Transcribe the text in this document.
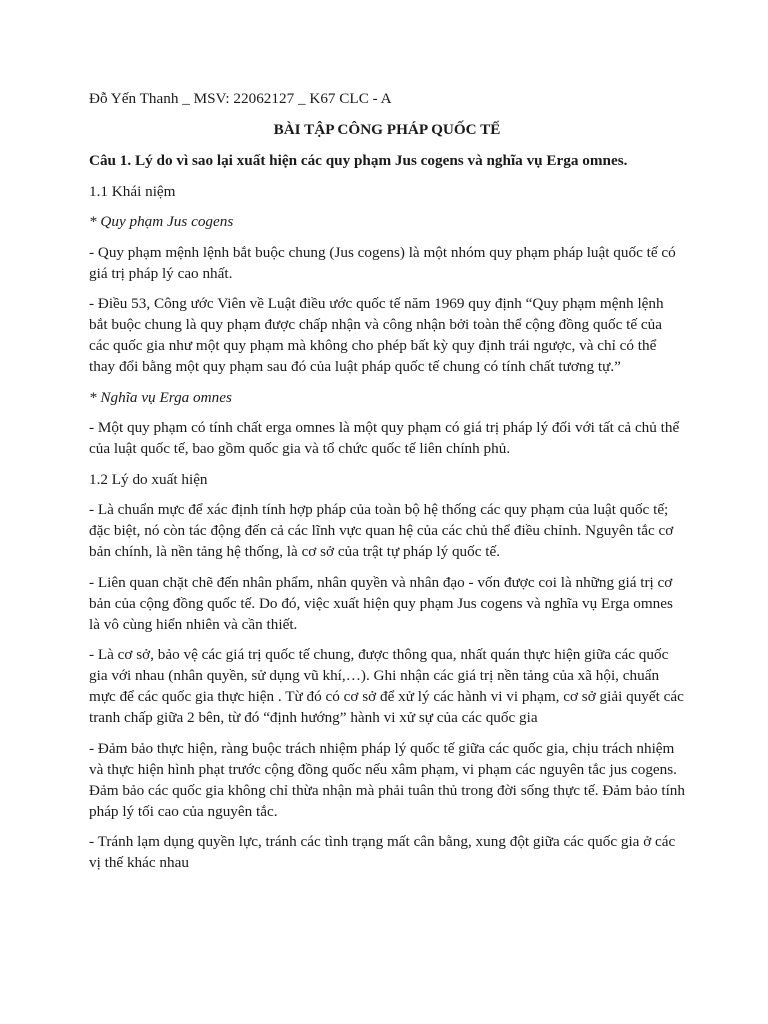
Đỗ Yến Thanh _ MSV: 22062127 _ K67 CLC - A

BÀI TẬP CÔNG PHÁP QUỐC TẾ

Câu 1. Lý do vì sao lại xuất hiện các quy phạm Jus cogens và nghĩa vụ Erga omnes.

1.1 Khái niệm

* Quy phạm Jus cogens

- Quy phạm mệnh lệnh bắt buộc chung (Jus cogens) là một nhóm quy phạm pháp luật quốc tế có giá trị pháp lý cao nhất.

- Điều 53, Công ước Viên về Luật điều ước quốc tế năm 1969 quy định “Quy phạm mệnh lệnh bắt buộc chung là quy phạm được chấp nhận và công nhận bởi toàn thể cộng đồng quốc tế của các quốc gia như một quy phạm mà không cho phép bất kỳ quy định trái ngược, và chỉ có thể thay đổi bằng một quy phạm sau đó của luật pháp quốc tế chung có tính chất tương tự.”

* Nghĩa vụ Erga omnes

- Một quy phạm có tính chất erga omnes là một quy phạm có giá trị pháp lý đối với tất cả chủ thể của luật quốc tế, bao gồm quốc gia và tổ chức quốc tế liên chính phủ.

1.2 Lý do xuất hiện

- Là chuẩn mực để xác định tính hợp pháp của toàn bộ hệ thống các quy phạm của luật quốc tế; đặc biệt, nó còn tác động đến cả các lĩnh vực quan hệ của các chủ thể điều chỉnh. Nguyên tắc cơ bản chính, là nền tảng hệ thống, là cơ sở của trật tự pháp lý quốc tế.

- Liên quan chặt chẽ đến nhân phẩm, nhân quyền và nhân đạo - vốn được coi là những giá trị cơ bản của cộng đồng quốc tế. Do đó, việc xuất hiện quy phạm Jus cogens và nghĩa vụ Erga omnes là vô cùng hiển nhiên và cần thiết.

- Là cơ sở, bảo vệ các giá trị quốc tế chung, được thông qua, nhất quán thực hiện giữa các quốc gia với nhau (nhân quyền, sử dụng vũ khí,…). Ghi nhận các giá trị nền tảng của xã hội, chuẩn mực để các quốc gia thực hiện . Từ đó có cơ sở để xử lý các hành vi vi phạm, cơ sở giải quyết các tranh chấp giữa 2 bên, từ đó “định hướng” hành vi xử sự của các quốc gia

- Đảm bảo thực hiện, ràng buộc trách nhiệm pháp lý quốc tế giữa các quốc gia, chịu trách nhiệm và thực hiện hình phạt trước cộng đồng quốc nếu xâm phạm, vi phạm các nguyên tắc jus cogens. Đảm bảo các quốc gia không chỉ thừa nhận mà phải tuân thủ trong đời sống thực tế. Đảm bảo tính pháp lý tối cao của nguyên tắc.

- Tránh lạm dụng quyền lực, tránh các tình trạng mất cân bằng, xung đột giữa các quốc gia ở các vị thế khác nhau
